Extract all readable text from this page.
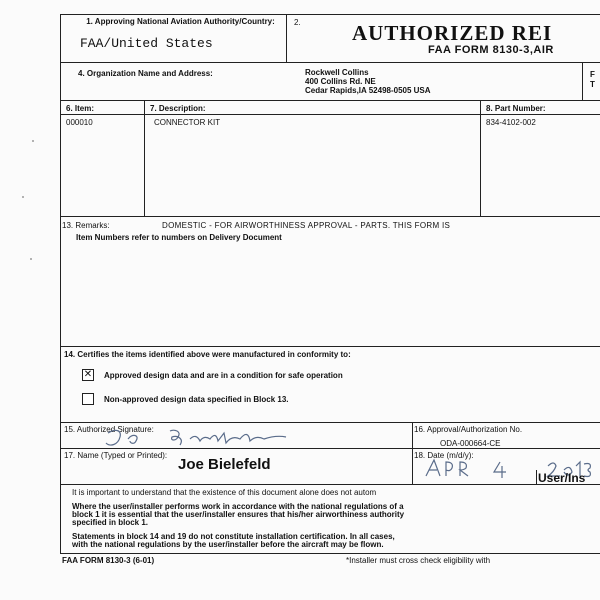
1. Approving National Aviation Authority/Country:
FAA/United States
2. AUTHORIZED REI
FAA FORM 8130-3,AIR
4. Organization Name and Address:	Rockwell Collins
400 Collins Rd. NE
Cedar Rapids,IA 52498-0505 USA
F
T
6. Item:	7. Description:	8. Part Number:
000010	CONNECTOR KIT	834-4102-002
13. Remarks:	DOMESTIC - FOR AIRWORTHINESS APPROVAL - PARTS. THIS FORM IS
Item Numbers refer to numbers on Delivery Document
14. Certifies the items identified above were manufactured in conformity to:
✕ Approved design data and are in a condition for safe operation
Non-approved design data specified in Block 13.
15. Authorized Signature:	16. Approval/Authorization No.
ODA-000664-CE
17. Name (Typed or Printed):
Joe Bielefeld
18. Date (m/d/y):
User/Ins
It is important to understand that the existence of this document alone does not autom
Where the user/installer performs work in accordance with the national regulations of a
block 1 it is essential that the user/installer ensures that his/her airworthiness authority
specified in block 1.
Statements in block 14 and 19 do not constitute installation certification. In all cases,
with the national regulations by the user/installer before the aircraft may be flown.
FAA FORM 8130-3 (6-01)	*Installer must cross check eligibility with
